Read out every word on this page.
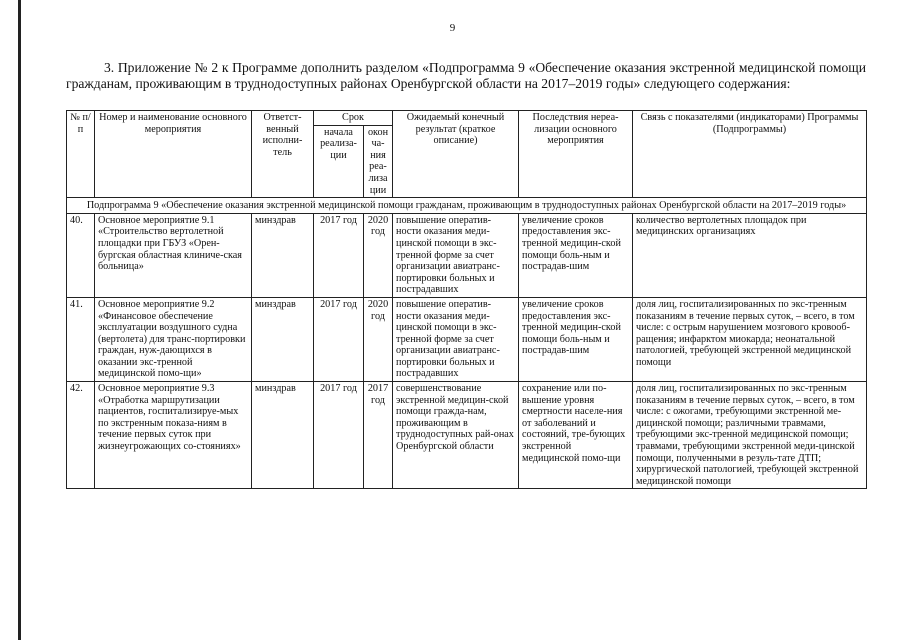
9

3. Приложение № 2 к Программе дополнить разделом «Подпрограмма 9 «Обеспечение оказания экстренной медицинской помощи гражданам, проживающим в труднодоступных районах Оренбургской области на 2017–2019 годы» следующего содержания:

№ п/п	Номер и наименование основного мероприятия	Ответст-венный исполни-тель	Срок		Ожидаемый конечный результат (краткое описание)	Последствия нереа-лизации основного мероприятия	Связь с показателями (индикаторами) Программы (Подпрограммы)
			начала реализа-ции	окон ча-ния реа-лиза ции			
Подпрограмма 9 «Обеспечение оказания экстренной медицинской помощи гражданам, проживающим в труднодоступных районах Оренбургской области на 2017–2019 годы»							
40.	Основное мероприятие 9.1 «Строительство вертолетной площадки при ГБУЗ «Орен-бургская областная клиниче-ская больница»	минздрав	2017 год	2020 год	повышение оператив-ности оказания меди-цинской помощи в экс-тренной форме за счет организации авиатранс-портировки больных и пострадавших	увеличение сроков предоставления экс-тренной медицин-ской помощи боль-ным и пострадав-шим	количество вертолетных площадок при медицинских организациях
41.	Основное мероприятие 9.2 «Финансовое обеспечение эксплуатации воздушного судна (вертолета) для транс-портировки граждан, нуж-дающихся в оказании экс-тренной медицинской помо-щи»	минздрав	2017 год	2020 год	повышение оператив-ности оказания меди-цинской помощи в экс-тренной форме за счет организации авиатранс-портировки больных и пострадавших	увеличение сроков предоставления экс-тренной медицин-ской помощи боль-ным и пострадав-шим	доля лиц, госпитализированных по экс-тренным показаниям в течение первых суток, – всего, в том числе: с острым нарушением мозгового кровооб-ращения; инфарктом миокарда; неонатальной патологией, требующей экстренной медицинской помощи
42.	Основное мероприятие 9.3 «Отработка маршрутизации пациентов, госпитализируе-мых по экстренным показа-ниям в течение первых суток при жизнеугрожающих со-стояниях»	минздрав	2017 год	2017 год	совершенствование экстренной медицин-ской помощи гражда-нам, проживающим в труднодоступных рай-онах Оренбургской области	сохранение или по-вышение уровня смертности населе-ния от заболеваний и состояний, тре-бующих экстренной медицинской помо-щи	доля лиц, госпитализированных по экс-тренным показаниям в течение первых суток, – всего, в том числе: с ожогами, требующими экстренной ме-дицинской помощи; различными травмами, требующими экс-тренной медицинской помощи; травмами, требующими экстренной меди-цинской помощи, полученными в резуль-тате ДТП; хирургической патологией, требующей экстренной медицинской помощи
